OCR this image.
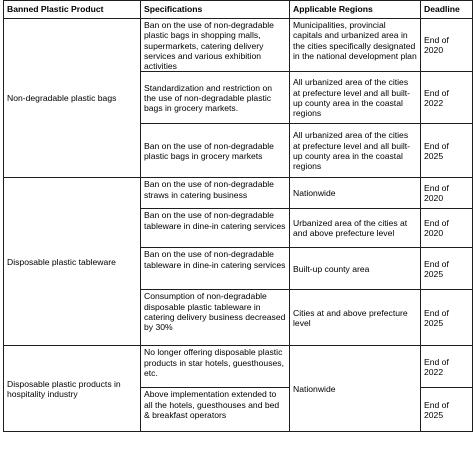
Banned Plastic Product	Specifications	Applicable Regions	Deadline
Non-degradable plastic bags	Ban on the use of non-degradable plastic bags in shopping malls, supermarkets, catering delivery services and various exhibition activities	Municipalities, provincial capitals and urbanized area in the cities specifically designated in the national development plan	End of 2020
	Standardization and restriction on the use of non-degradable plastic bags in grocery markets.	All urbanized area of the cities at prefecture level and all built-up county area in the coastal regions	End of 2022
	Ban on the use of non-degradable plastic bags in grocery markets	All urbanized area of the cities at prefecture level and all built-up county area in the coastal regions	End of 2025
Disposable plastic tableware	Ban on the use of non-degradable straws in catering business	Nationwide	End of 2020
	Ban on the use of non-degradable tableware in dine-in catering services	Urbanized area of the cities at and above prefecture level	End of 2020
	Ban on the use of non-degradable tableware in dine-in catering services	Built-up county area	End of 2025
	Consumption of non-degradable disposable plastic tableware in catering delivery business decreased by 30%	Cities at and above prefecture level	End of 2025
Disposable plastic products in hospitality industry	No longer offering disposable plastic products in star hotels, guesthouses, etc.	Nationwide	End of 2022
	Above implementation extended to all the hotels, guesthouses and bed & breakfast operators		End of 2025
